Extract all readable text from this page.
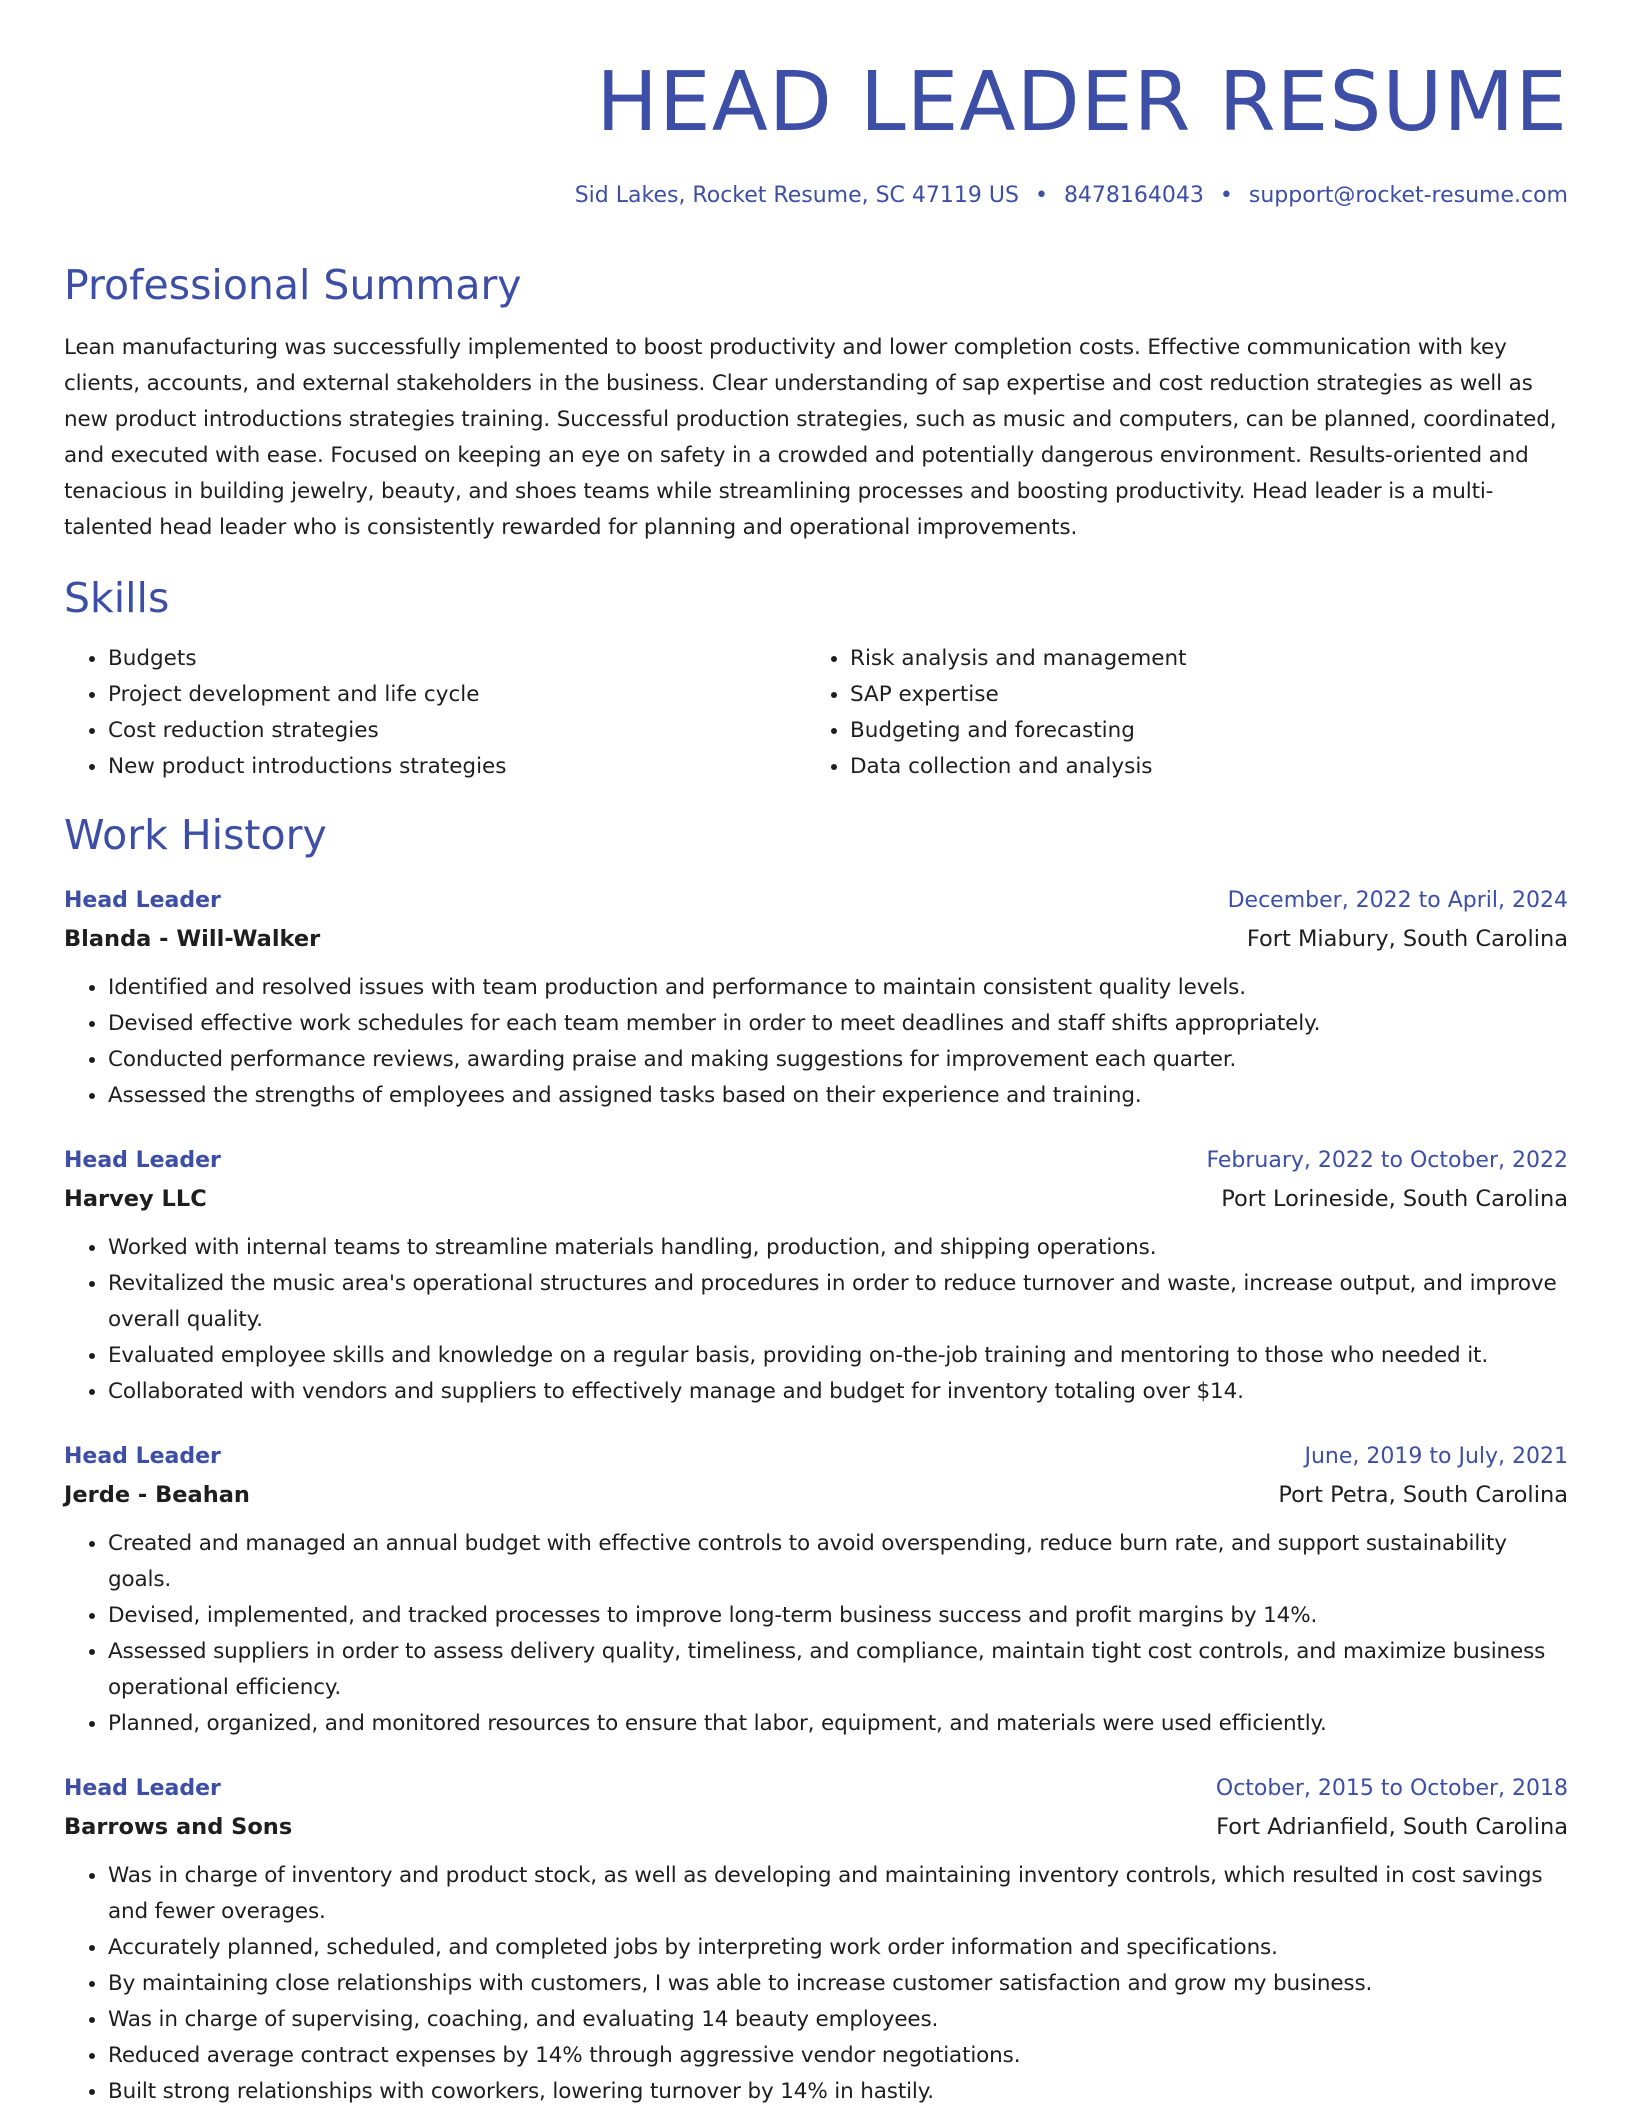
HEAD LEADER RESUME
Sid Lakes, Rocket Resume, SC 47119 US • 8478164043 • support@rocket-resume.com
Professional Summary

Lean manufacturing was successfully implemented to boost productivity and lower completion costs. Effective communication with key clients, accounts, and external stakeholders in the business. Clear understanding of sap expertise and cost reduction strategies as well as new product introductions strategies training. Successful production strategies, such as music and computers, can be planned, coordinated, and executed with ease. Focused on keeping an eye on safety in a crowded and potentially dangerous environment. Results-oriented and tenacious in building jewelry, beauty, and shoes teams while streamlining processes and boosting productivity. Head leader is a multi-talented head leader who is consistently rewarded for planning and operational improvements.

Skills
• Budgets
• Project development and life cycle
• Cost reduction strategies
• New product introductions strategies
• Risk analysis and management
• SAP expertise
• Budgeting and forecasting
• Data collection and analysis
Work History
Head Leader	December, 2022 to April, 2024
Blanda - Will-Walker	Fort Miabury, South Carolina
• Identified and resolved issues with team production and performance to maintain consistent quality levels.
• Devised effective work schedules for each team member in order to meet deadlines and staff shifts appropriately.
• Conducted performance reviews, awarding praise and making suggestions for improvement each quarter.
• Assessed the strengths of employees and assigned tasks based on their experience and training.
Head Leader	February, 2022 to October, 2022
Harvey LLC	Port Lorineside, South Carolina
• Worked with internal teams to streamline materials handling, production, and shipping operations.
• Revitalized the music area's operational structures and procedures in order to reduce turnover and waste, increase output, and improve overall quality.
• Evaluated employee skills and knowledge on a regular basis, providing on-the-job training and mentoring to those who needed it.
• Collaborated with vendors and suppliers to effectively manage and budget for inventory totaling over $14.
Head Leader	June, 2019 to July, 2021
Jerde - Beahan	Port Petra, South Carolina
• Created and managed an annual budget with effective controls to avoid overspending, reduce burn rate, and support sustainability goals.
• Devised, implemented, and tracked processes to improve long-term business success and profit margins by 14%.
• Assessed suppliers in order to assess delivery quality, timeliness, and compliance, maintain tight cost controls, and maximize business operational efficiency.
• Planned, organized, and monitored resources to ensure that labor, equipment, and materials were used efficiently.
Head Leader	October, 2015 to October, 2018
Barrows and Sons	Fort Adrianfield, South Carolina
• Was in charge of inventory and product stock, as well as developing and maintaining inventory controls, which resulted in cost savings and fewer overages.
• Accurately planned, scheduled, and completed jobs by interpreting work order information and specifications.
• By maintaining close relationships with customers, I was able to increase customer satisfaction and grow my business.
• Was in charge of supervising, coaching, and evaluating 14 beauty employees.
• Reduced average contract expenses by 14% through aggressive vendor negotiations.
• Built strong relationships with coworkers, lowering turnover by 14% in hastily.
